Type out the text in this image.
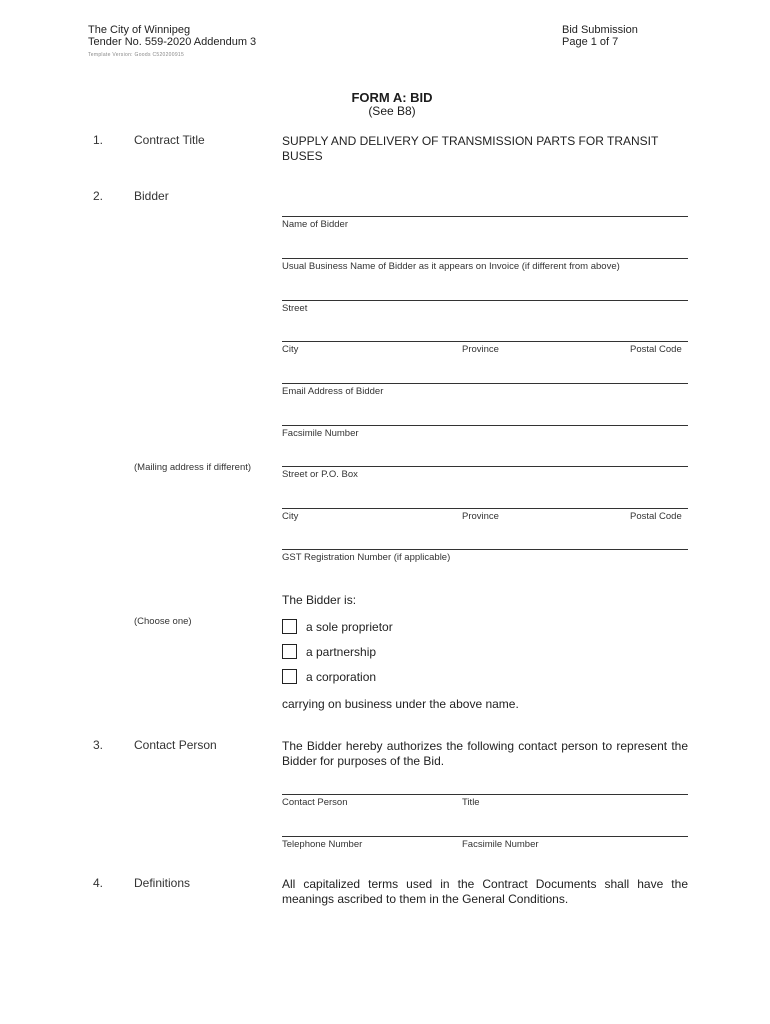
The City of Winnipeg
Tender No. 559-2020 Addendum 3
Template Version: Goods C520200915
Bid Submission
Page 1 of 7
FORM A: BID
(See B8)
1.	Contract Title	SUPPLY AND DELIVERY OF TRANSMISSION PARTS FOR TRANSIT BUSES
2.	Bidder
Name of Bidder
Usual Business Name of Bidder as it appears on Invoice (if different from above)
Street
City	Province	Postal Code
Email Address of Bidder
Facsimile Number
(Mailing address if different)
Street or P.O. Box
City	Province	Postal Code
GST Registration Number (if applicable)
The Bidder is:
(Choose one)	a sole proprietor
a partnership
a corporation
carrying on business under the above name.
3.	Contact Person	The Bidder hereby authorizes the following contact person to represent the Bidder for purposes of the Bid.
Contact Person	Title
Telephone Number	Facsimile Number
4.	Definitions	All capitalized terms used in the Contract Documents shall have the meanings ascribed to them in the General Conditions.
